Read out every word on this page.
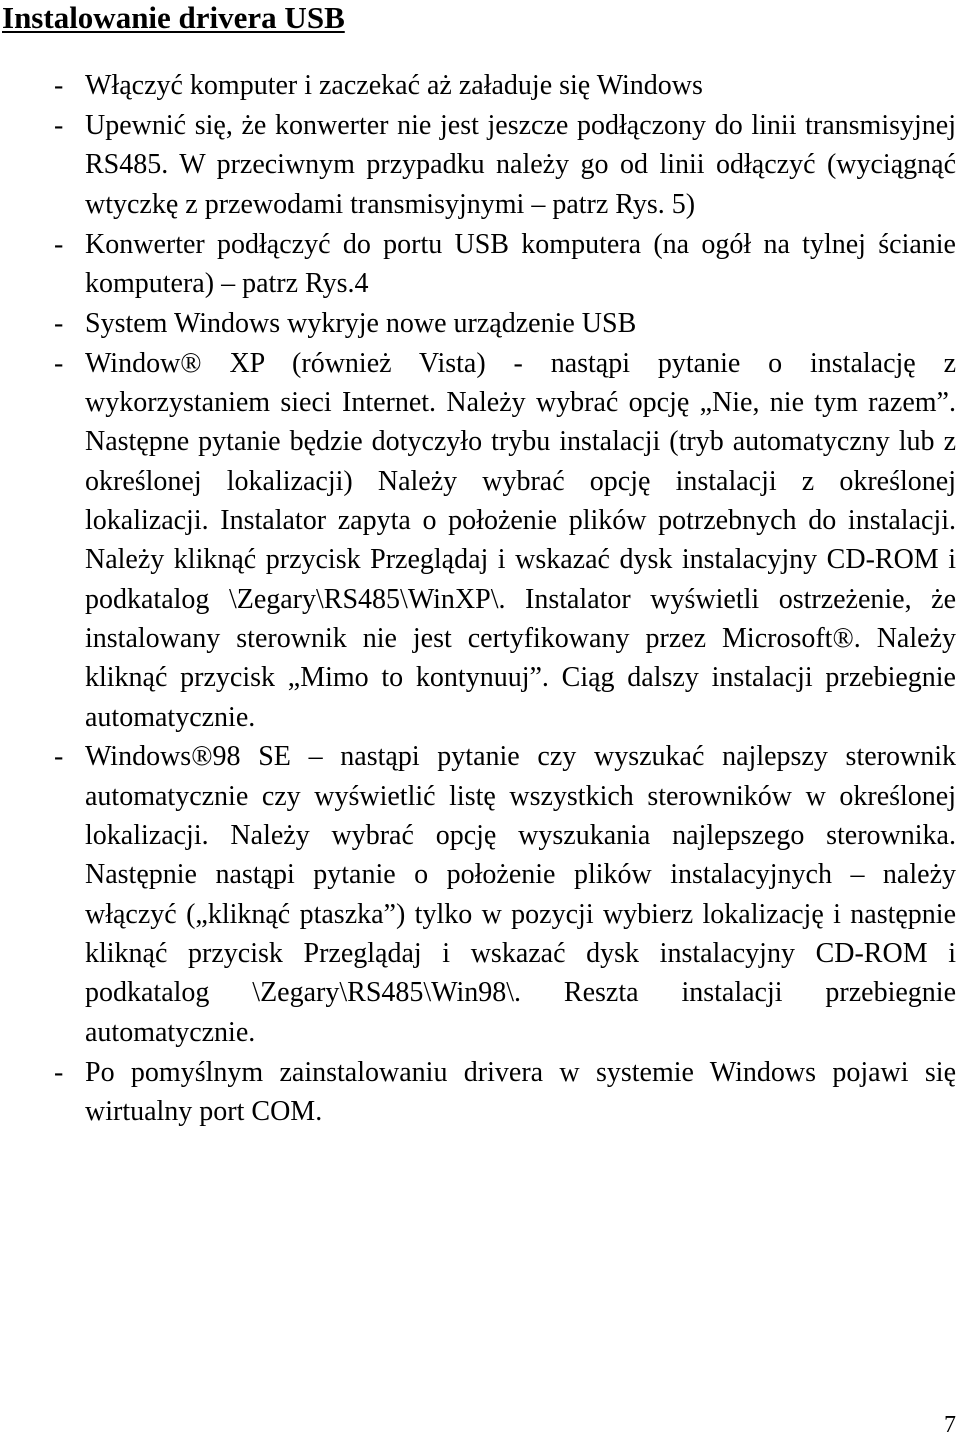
Instalowanie drivera USB
- Włączyć komputer i zaczekać aż załaduje się Windows
- Upewnić się, że konwerter nie jest jeszcze podłączony do linii transmisyjnej RS485. W przeciwnym przypadku należy go od linii odłączyć (wyciągnąć wtyczkę z przewodami transmisyjnymi – patrz Rys. 5)
- Konwerter podłączyć do portu USB komputera (na ogół na tylnej ścianie komputera) – patrz Rys.4
- System Windows wykryje nowe urządzenie USB
- Window® XP (również Vista) - nastąpi pytanie o instalację z wykorzystaniem sieci Internet. Należy wybrać opcję „Nie, nie tym razem”. Następne pytanie będzie dotyczyło trybu instalacji (tryb automatyczny lub z określonej lokalizacji) Należy wybrać opcję instalacji z określonej lokalizacji. Instalator zapyta o położenie plików potrzebnych do instalacji. Należy kliknąć przycisk Przeglądaj i wskazać dysk instalacyjny CD-ROM i podkatalog \Zegary\RS485\WinXP\. Instalator wyświetli ostrzeżenie, że instalowany sterownik nie jest certyfikowany przez Microsoft®. Należy kliknąć przycisk „Mimo to kontynuuj”. Ciąg dalszy instalacji przebiegnie automatycznie.
- Windows®98 SE – nastąpi pytanie czy wyszukać najlepszy sterownik automatycznie czy wyświetlić listę wszystkich sterowników w określonej lokalizacji. Należy wybrać opcję wyszukania najlepszego sterownika. Następnie nastąpi pytanie o położenie plików instalacyjnych – należy włączyć („kliknąć ptaszka”) tylko w pozycji wybierz lokalizację i następnie kliknąć przycisk Przeglądaj i wskazać dysk instalacyjny CD-ROM i podkatalog \Zegary\RS485\Win98\. Reszta instalacji przebiegnie automatycznie.
- Po pomyślnym zainstalowaniu drivera w systemie Windows pojawi się wirtualny port COM.
7
